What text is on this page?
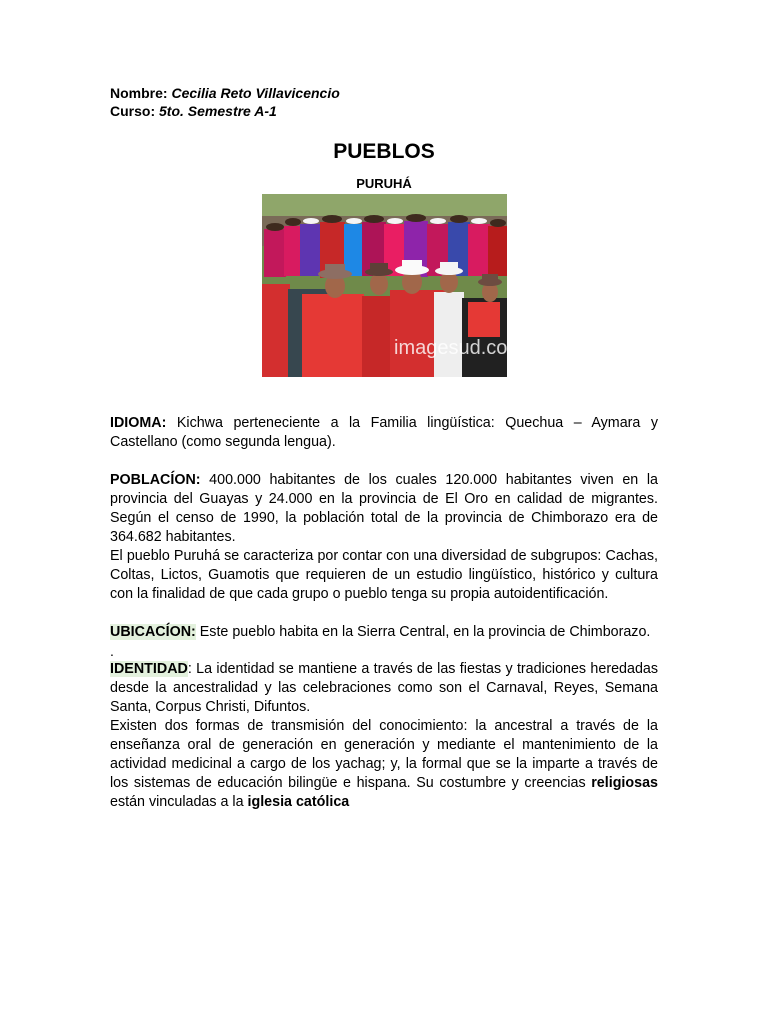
Nombre: Cecilia Reto Villavicencio
Curso: 5to. Semestre A-1
PUEBLOS
PURUHÁ
imagesud.com

IDIOMA: Kichwa perteneciente a la Familia lingüística: Quechua – Aymara y Castellano (como segunda lengua).

POBLACÍON: 400.000 habitantes de los cuales 120.000 habitantes viven en la provincia del Guayas y 24.000 en la provincia de El Oro en calidad de migrantes. Según el censo de 1990, la población total de la provincia de Chimborazo era de 364.682 habitantes.

El pueblo Puruhá se caracteriza por contar con una diversidad de subgrupos: Cachas, Coltas, Lictos, Guamotis que requieren de un estudio lingüístico, histórico y cultura con la finalidad de que cada grupo o pueblo tenga su propia autoidentificación.

UBICACÍON: Este pueblo habita en la Sierra Central, en la provincia de Chimborazo.

.

IDENTIDAD: La identidad se mantiene a través de las fiestas y tradiciones heredadas desde la ancestralidad y las celebraciones como son el Carnaval, Reyes, Semana Santa, Corpus Christi, Difuntos.

Existen dos formas de transmisión del conocimiento: la ancestral a través de la enseñanza oral de generación en generación y mediante el mantenimiento de la actividad medicinal a cargo de los yachag; y, la formal que se la imparte a través de los sistemas de educación bilingüe e hispana. Su costumbre y creencias religiosas están vinculadas a la iglesia católica
